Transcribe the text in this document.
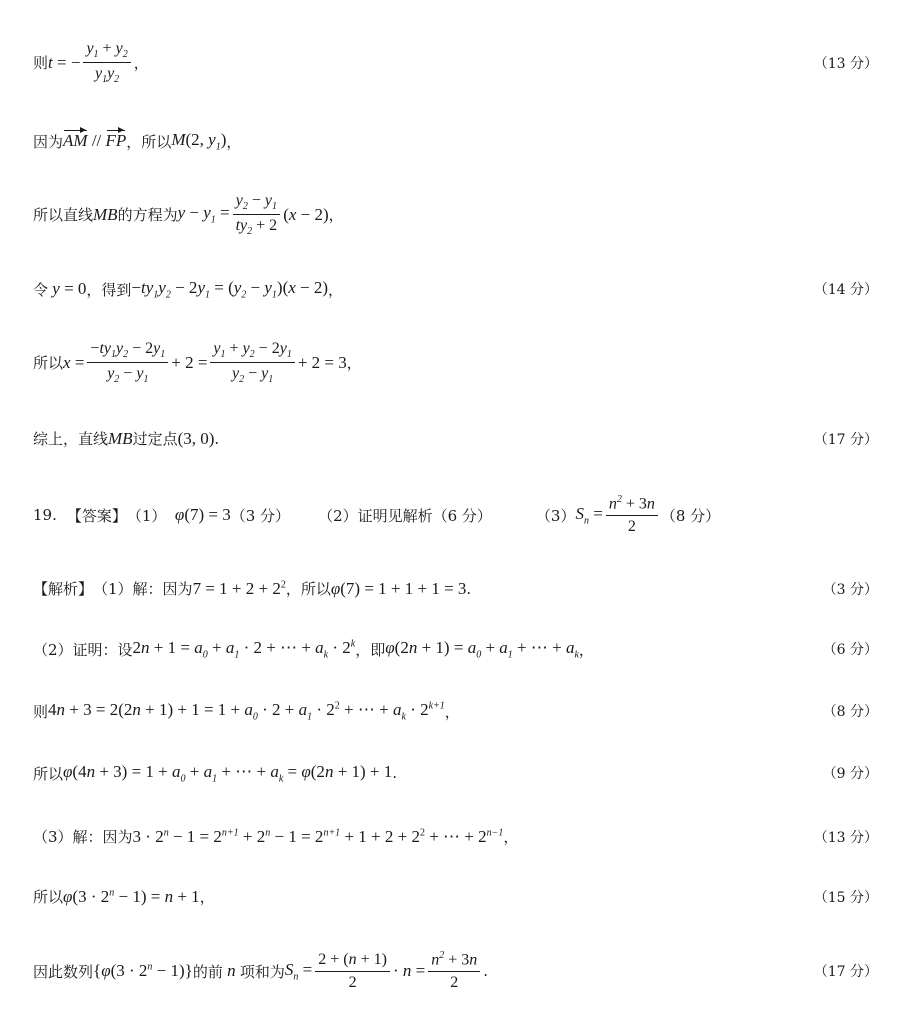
则 t = − $\frac{y_1 + y_2}{y_1y_2}$ ，	（13 分）
因为 AM // FP ，所以 M(2, $y_1$) ，
所以直线 MB 的方程为 $y - y_1 = \frac{y_2 - y_1}{ty_2 + 2} (x - 2)$ ，
令 y = 0 ，得到 $-ty_1y_2 - 2y_1 = (y_2 - y_1)(x - 2)$ ，	（14 分）
所以 $x = \frac{-ty_1y_2 - 2y_1}{y_2 - y_1} + 2 = \frac{y_1 + y_2 - 2y_1}{y_2 - y_1} + 2 = 3$ ，
综上，直线 MB 过定点 (3, 0) .	（17 分）
19. 【答案】 （1） φ(7) = 3 （3 分） （2）证明见解析（6 分）	（3） $S_n = \frac{n^2 + 3n}{2} (8$ 分）
【解析】 （1）解：因为 $7 = 1 + 2 + 2^2$ ，所以 φ(7) = 1 + 1 + 1 = 3 .	（3 分）
（2）证明：设 $2n + 1 = a_0 + a_1 \cdot 2$ + ⋯ + $a_k \cdot 2^k$ ，即 $\varphi(2n + 1) = a_0 + a_1$ + ⋯ + $a_k$ ，	（6 分）
则 $4n + 3 = 2(2n + 1) + 1 = 1 + a_0 \cdot 2 + a_1 \cdot 2^2$ + ⋯ + $a_k \cdot 2^{k+1}$ ，	（8 分）
所以 $\varphi(4n + 3) = 1 + a_0 + a_1$ + ⋯ + $a_k = \varphi(2n + 1) + 1$ .	（9 分）
（3）解：因为 $3 \cdot 2^n - 1 = 2^{n+1} + 2^n - 1 = 2^{n+1} + 1 + 2 + 2^2$ + ⋯ + $2^{n-1}$ ，	（13 分）
所以 $\varphi(3 \cdot 2^n - 1) = n + 1$ ，	（15 分）
因此数列 $\{\varphi(3 \cdot 2^n - 1)\}$ 的前 n 项和为 $S_n = \frac{2 + (n + 1)}{2} \cdot n = \frac{n^2 + 3n}{2}$ .	（17 分）
